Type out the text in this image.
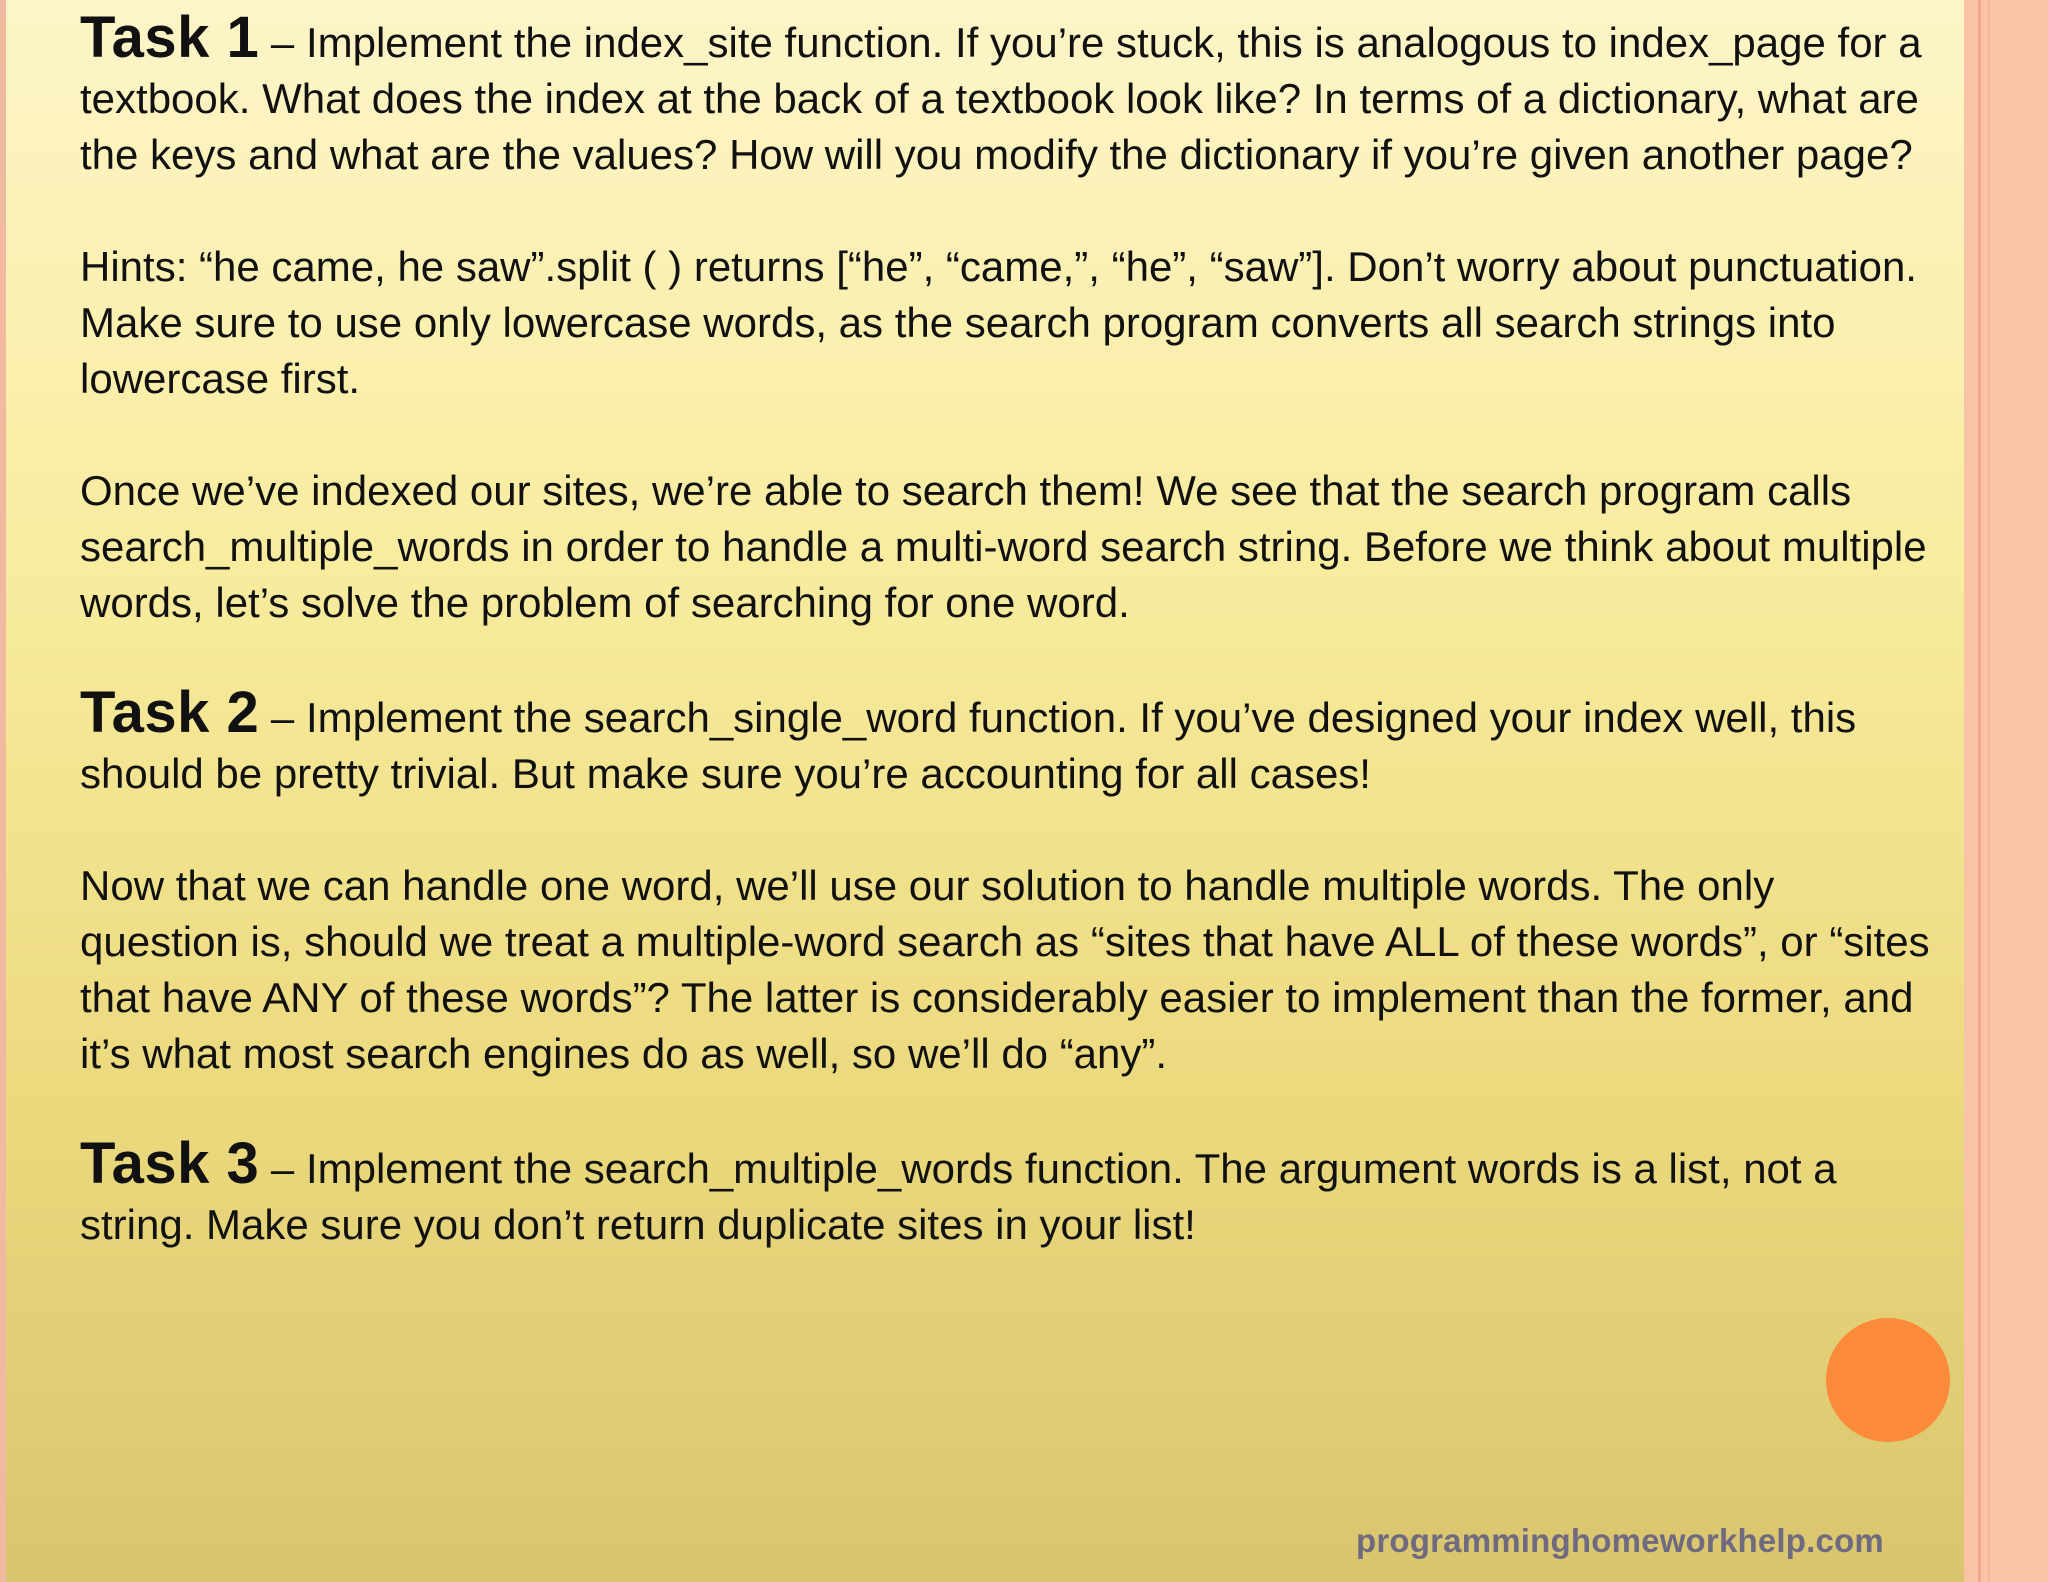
Task 1 – Implement the index_site function. If you’re stuck, this is analogous to index_page for a textbook. What does the index at the back of a textbook look like? In terms of a dictionary, what are the keys and what are the values? How will you modify the dictionary if you’re given another page?

Hints: “he came, he saw”.split ( ) returns [“he”, “came,”, “he”, “saw”]. Don’t worry about punctuation. Make sure to use only lowercase words, as the search program converts all search strings into lowercase first.

Once we’ve indexed our sites, we’re able to search them! We see that the search program calls search_multiple_words in order to handle a multi-word search string. Before we think about multiple words, let’s solve the problem of searching for one word.

Task 2 – Implement the search_single_word function. If you’ve designed your index well, this should be pretty trivial. But make sure you’re accounting for all cases!

Now that we can handle one word, we’ll use our solution to handle multiple words. The only question is, should we treat a multiple-word search as “sites that have ALL of these words”, or “sites that have ANY of these words”? The latter is considerably easier to implement than the former, and it’s what most search engines do as well, so we’ll do “any”.

Task 3 – Implement the search_multiple_words function. The argument words is a list, not a string. Make sure you don’t return duplicate sites in your list!

programminghomeworkhelp.com
